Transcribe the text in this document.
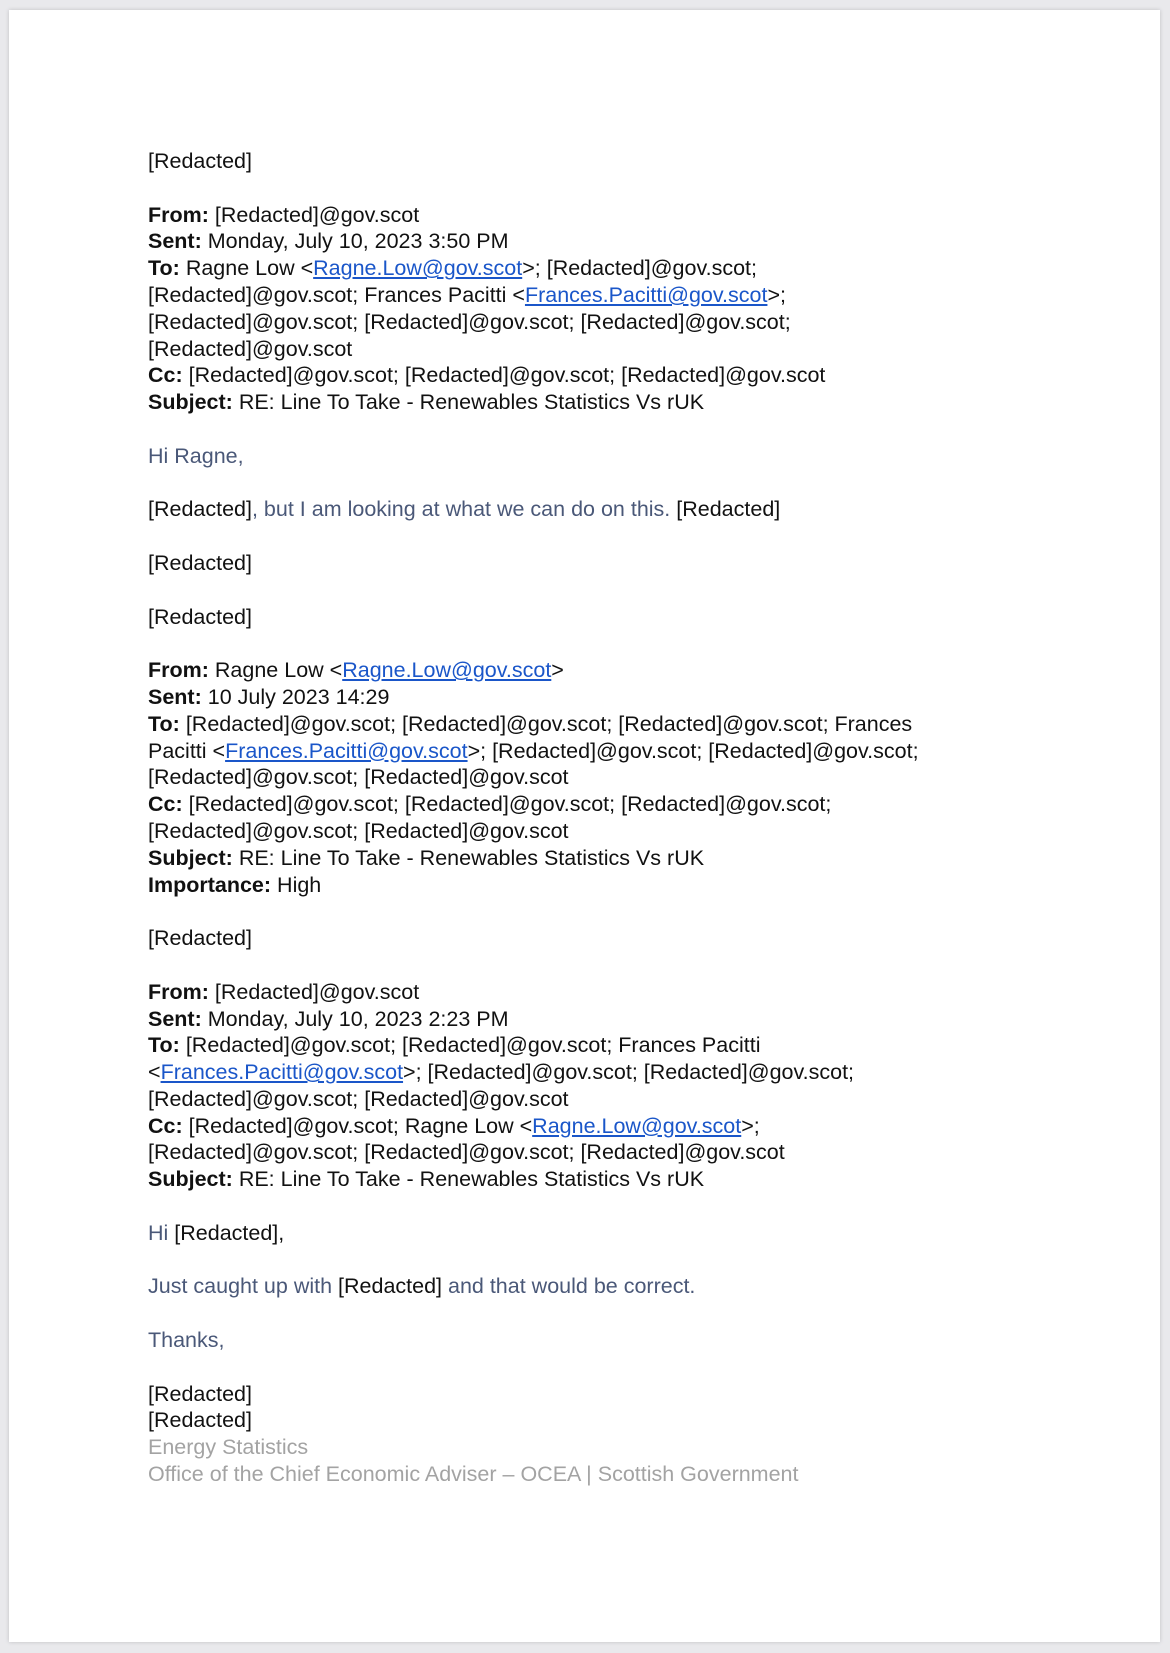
[Redacted]
From: [Redacted]@gov.scot
Sent: Monday, July 10, 2023 3:50 PM
To: Ragne Low <Ragne.Low@gov.scot>; [Redacted]@gov.scot;
[Redacted]@gov.scot; Frances Pacitti <Frances.Pacitti@gov.scot>;
[Redacted]@gov.scot; [Redacted]@gov.scot; [Redacted]@gov.scot;
[Redacted]@gov.scot
Cc: [Redacted]@gov.scot; [Redacted]@gov.scot; [Redacted]@gov.scot
Subject: RE: Line To Take - Renewables Statistics Vs rUK
Hi Ragne,
[Redacted], but I am looking at what we can do on this. [Redacted]
[Redacted]
[Redacted]
From: Ragne Low <Ragne.Low@gov.scot>
Sent: 10 July 2023 14:29
To: [Redacted]@gov.scot; [Redacted]@gov.scot; [Redacted]@gov.scot; Frances
Pacitti <Frances.Pacitti@gov.scot>; [Redacted]@gov.scot; [Redacted]@gov.scot;
[Redacted]@gov.scot; [Redacted]@gov.scot
Cc: [Redacted]@gov.scot; [Redacted]@gov.scot; [Redacted]@gov.scot;
[Redacted]@gov.scot; [Redacted]@gov.scot
Subject: RE: Line To Take - Renewables Statistics Vs rUK
Importance: High
[Redacted]
From: [Redacted]@gov.scot
Sent: Monday, July 10, 2023 2:23 PM
To: [Redacted]@gov.scot; [Redacted]@gov.scot; Frances Pacitti
<Frances.Pacitti@gov.scot>; [Redacted]@gov.scot; [Redacted]@gov.scot;
[Redacted]@gov.scot; [Redacted]@gov.scot
Cc: [Redacted]@gov.scot; Ragne Low <Ragne.Low@gov.scot>;
[Redacted]@gov.scot; [Redacted]@gov.scot; [Redacted]@gov.scot
Subject: RE: Line To Take - Renewables Statistics Vs rUK
Hi [Redacted],
Just caught up with [Redacted] and that would be correct.
Thanks,
[Redacted]
[Redacted]
Energy Statistics
Office of the Chief Economic Adviser – OCEA | Scottish Government
